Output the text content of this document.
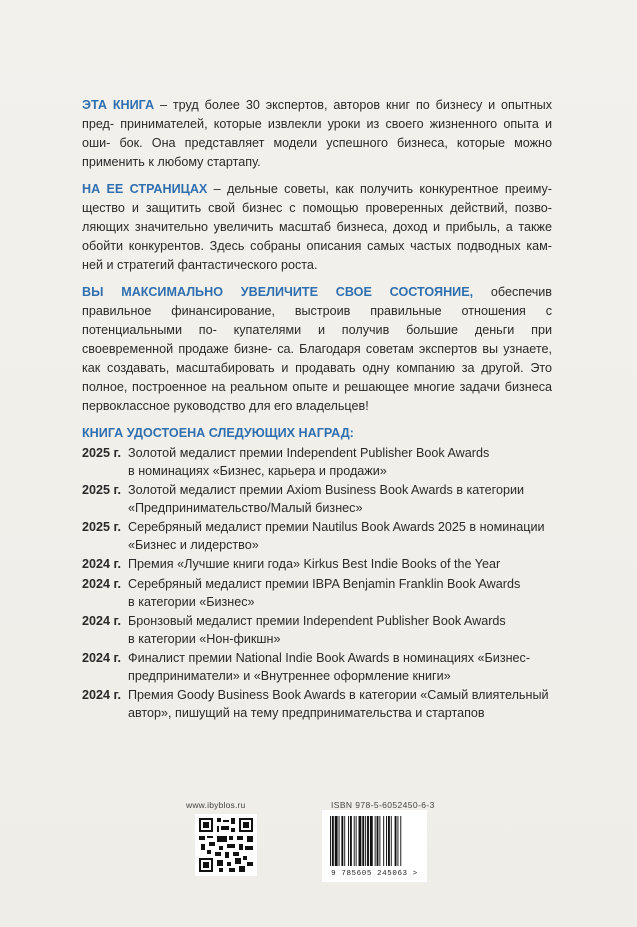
ЭТА КНИГА – труд более 30 экспертов, авторов книг по бизнесу и опытных пред- принимателей, которые извлекли уроки из своего жизненного опыта и оши- бок. Она представляет модели успешного бизнеса, которые можно применить к любому стартапу.

НА ЕЕ СТРАНИЦАХ – дельные советы, как получить конкурентное преиму- щество и защитить свой бизнес с помощью проверенных действий, позво- ляющих значительно увеличить масштаб бизнеса, доход и прибыль, а также обойти конкурентов. Здесь собраны описания самых частых подводных кам- ней и стратегий фантастического роста.

ВЫ МАКСИМАЛЬНО УВЕЛИЧИТЕ СВОЕ СОСТОЯНИЕ, обеспечив правильное финансирование, выстроив правильные отношения с потенциальными по- купателями и получив большие деньги при своевременной продаже бизне- са. Благодаря советам экспертов вы узнаете, как создавать, масштабировать и продавать одну компанию за другой. Это полное, построенное на реальном опыте и решающее многие задачи бизнеса первоклассное руководство для его владельцев!

КНИГА УДОСТОЕНА СЛЕДУЮЩИХ НАГРАД:
2025 г. Золотой медалист премии Independent Publisher Book Awards
в номинациях «Бизнес, карьера и продажи»
2025 г. Золотой медалист премии Axiom Business Book Awards в категории
«Предпринимательство/Малый бизнес»
2025 г. Серебряный медалист премии Nautilus Book Awards 2025 в номинации
«Бизнес и лидерство»
2024 г. Премия «Лучшие книги года» Kirkus Best Indie Books of the Year
2024 г. Серебряный медалист премии IBPA Benjamin Franklin Book Awards
в категории «Бизнес»
2024 г. Бронзовый медалист премии Independent Publisher Book Awards
в категории «Нон-фикшн»
2024 г. Финалист премии National Indie Book Awards в номинациях «Бизнес-
предприниматели» и «Внутреннее оформление книги»
2024 г. Премия Goody Business Book Awards в категории «Самый влиятельный
автор», пишущий на тему предпринимательства и стартапов
www.ibyblos.ru	ISBN 978-5-6052450-6-3
9 785605 245063 >
